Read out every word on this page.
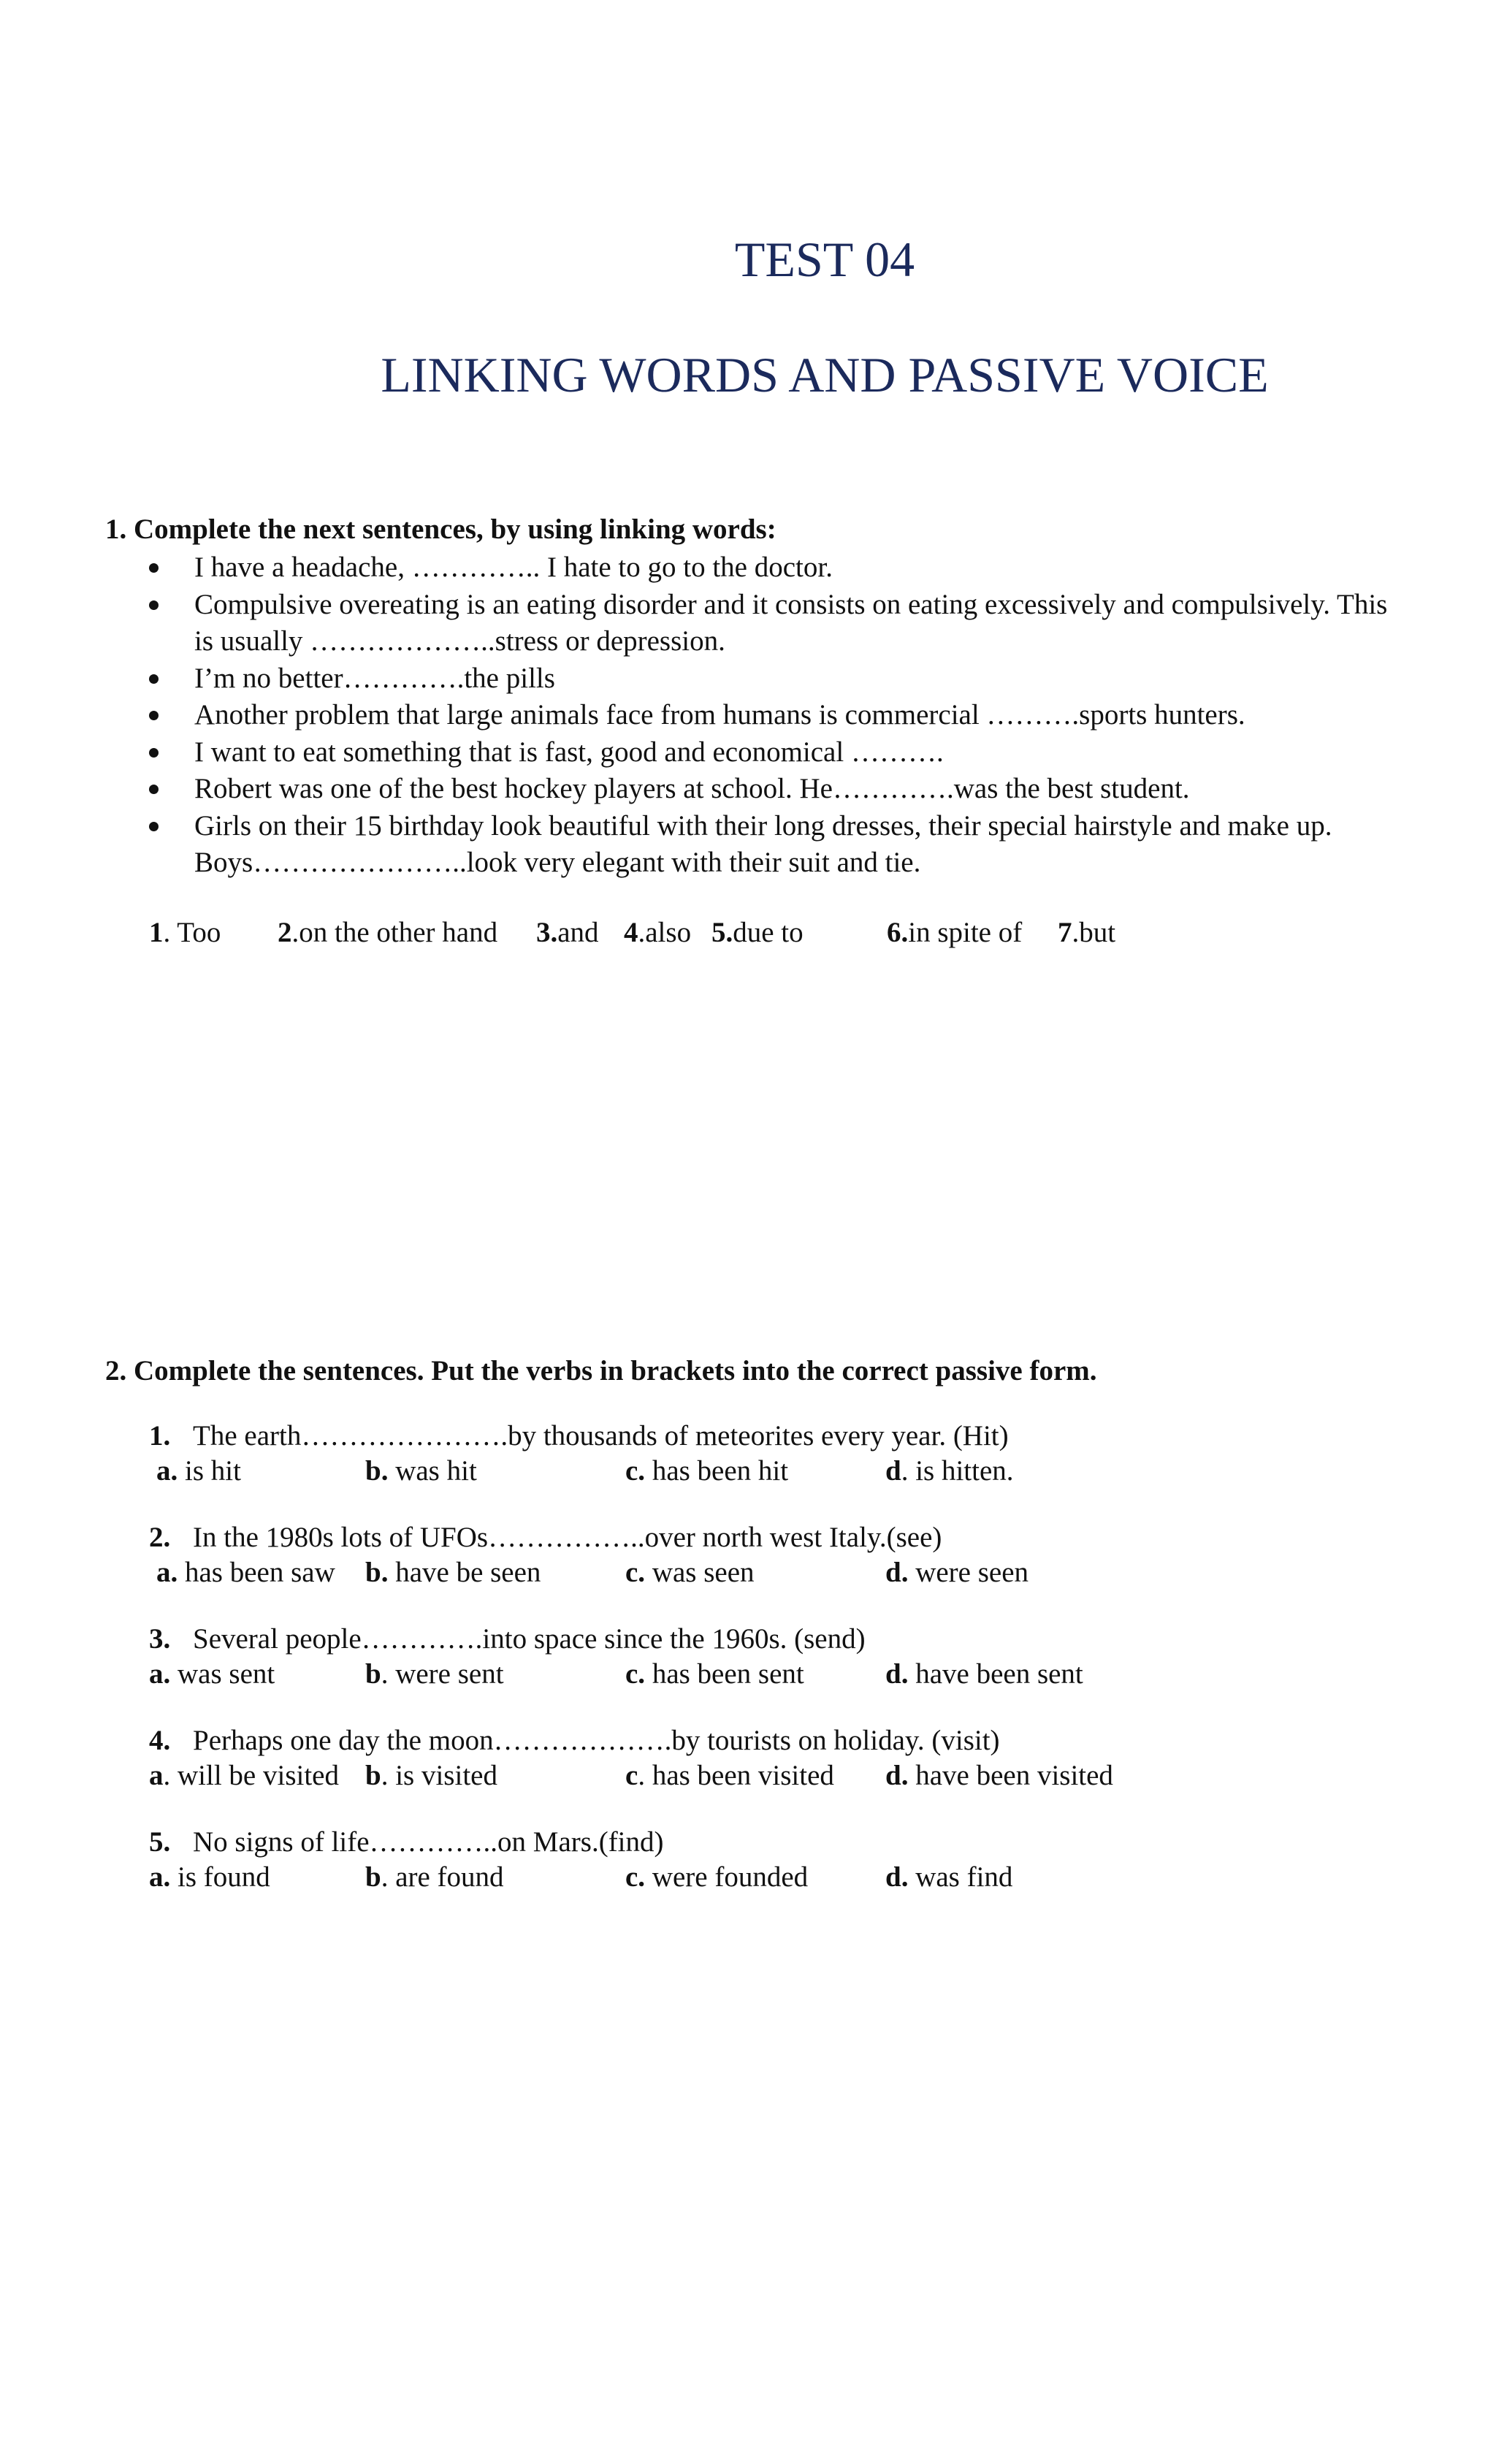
TEST 04
LINKING WORDS AND PASSIVE VOICE

1. Complete the next sentences, by using linking words:

I have a headache, ………….. I hate to go to the doctor.
Compulsive overeating is an eating disorder and it consists on eating excessively and compulsively. This is usually ………………..stress or depression.
I’m no better………….the pills
Another problem that large animals face from humans is commercial ……….sports hunters.
I want to eat something that is fast, good and economical ……….
Robert was one of the best hockey players at school. He………….was the best student.
Girls on their 15 birthday look beautiful with their long dresses, their special hairstyle and make up. Boys…………………..look very elegant with their suit and tie.

1. Too

2.on the other hand

3.and

4.also

5.due to

	6.in spite of

7.but

2. Complete the sentences. Put the verbs in brackets into the correct passive form.

1. The earth………………….by thousands of meteorites every year. (Hit)
a. is hit	b. was hit	c. has been hit	d. is hitten.
2. In the 1980s lots of UFOs……………..over north west Italy.(see)
a. has been saw b. have be seen	c. was seen	d. were seen
3. Several people………….into space since the 1960s. (send)
a. was sent	b. were sent	c. has been sent	d. have been sent
4. Perhaps one day the moon……………….by tourists on holiday. (visit)
a. will be visited b. is visited	c. has been visited d. have been visited
5. No signs of life…………..on Mars.(find)
a. is found	b. are found	c. were founded	d. was find
